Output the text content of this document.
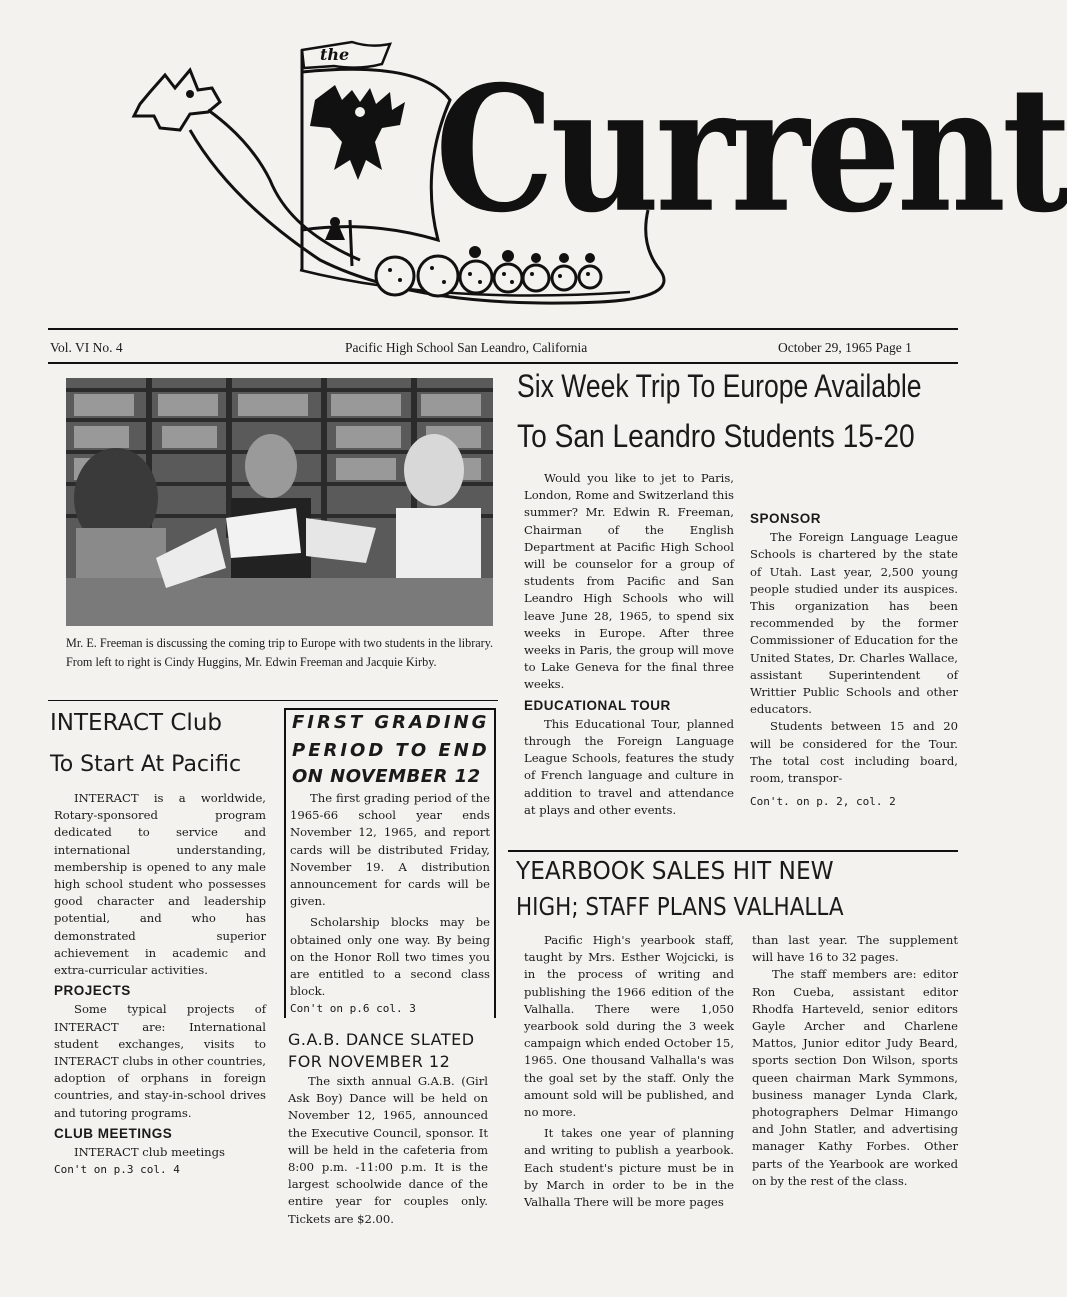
the Current
Vol. VI No. 4	Pacific High School San Leandro, California	October 29, 1965 Page 1
Mr. E. Freeman is discussing the coming trip to Europe with two students in the library. From left to right is Cindy Huggins, Mr. Edwin Freeman and Jacquie Kirby.
Six Week Trip To Europe Available
To San Leandro Students 15-20

Would you like to jet to Paris, London, Rome and Switzerland this summer? Mr. Edwin R. Freeman, Chairman of the English Department at Pacific High School will be counselor for a group of students from Pacific and San Leandro High Schools who will leave June 28, 1965, to spend six weeks in Europe. After three weeks in Paris, the group will move to Lake Geneva for the final three weeks.

EDUCATIONAL TOUR

This Educational Tour, planned through the Foreign Language League Schools, features the study of French language and culture in addition to travel and attendance at plays and other events.

SPONSOR

The Foreign Language League Schools is chartered by the state of Utah. Last year, 2,500 young people studied under its auspices. This organization has been recommended by the former Commissioner of Education for the United States, Dr. Charles Wallace, assistant Superintendent of Writtier Public Schools and other educators.

Students between 15 and 20 will be considered for the Tour. The total cost including board, room, transpor-

Con't. on p. 2, col. 2
INTERACT Club
To Start At Pacific

INTERACT is a worldwide, Rotary-sponsored program dedicated to service and international understanding, membership is opened to any male high school student who possesses good character and leadership potential, and who has demonstrated superior achievement in academic and extra-curricular activities.

PROJECTS

Some typical projects of INTERACT are: International student exchanges, visits to INTERACT clubs in other countries, adoption of orphans in foreign countries, and stay-in-school drives and tutoring programs.

CLUB MEETINGS

INTERACT club meetings

Con't on p.3 col. 4
FIRST GRADING
PERIOD TO END
ON NOVEMBER 12

The first grading period of the 1965-66 school year ends November 12, 1965, and report cards will be distributed Friday, November 19. A distribution announcement for cards will be given.

Scholarship blocks may be obtained only one way. By being on the Honor Roll two times you are entitled to a second class block.

Con't on p.6 col. 3
G.A.B. DANCE SLATED
FOR NOVEMBER 12

The sixth annual G.A.B. (Girl Ask Boy) Dance will be held on November 12, 1965, announced the Executive Council, sponsor. It will be held in the cafeteria from 8:00 p.m. -11:00 p.m. It is the largest schoolwide dance of the entire year for couples only. Tickets are $2.00.

YEARBOOK SALES HIT NEW
HIGH; STAFF PLANS VALHALLA

Pacific High's yearbook staff, taught by Mrs. Esther Wojcicki, is in the process of writing and publishing the 1966 edition of the Valhalla. There were 1,050 yearbook sold during the 3 week campaign which ended October 15, 1965. One thousand Valhalla's was the goal set by the staff. Only the amount sold will be published, and no more.

It takes one year of planning and writing to publish a yearbook. Each student's picture must be in by March in order to be in the Valhalla There will be more pages

than last year. The supplement will have 16 to 32 pages.

The staff members are: editor Ron Cueba, assistant editor Rhodfa Harteveld, senior editors Gayle Archer and Charlene Mattos, Junior editor Judy Beard, sports section Don Wilson, sports queen chairman Mark Symmons, business manager Lynda Clark, photographers Delmar Himango and John Statler, and advertising manager Kathy Forbes. Other parts of the Yearbook are worked on by the rest of the class.
